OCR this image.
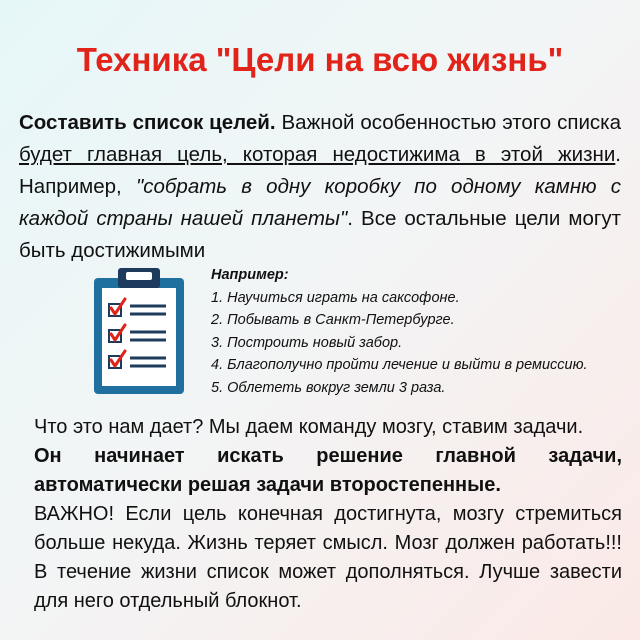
Техника "Цели на всю жизнь"
Составить список целей. Важной особенностью этого списка будет главная цель, которая недостижима в этой жизни. Например, "собрать в одну коробку по одному камню с каждой страны нашей планеты". Все остальные цели могут быть достижимыми
Например:
1. Научиться играть на саксофоне.
2. Побывать в Санкт-Петербурге.
3. Построить новый забор.
4. Благополучно пройти лечение и выйти в ремиссию.
5. Облететь вокруг земли 3 раза.
Что это нам дает? Мы даем команду мозгу, ставим задачи.
Он начинает искать решение главной задачи, автоматически решая задачи второстепенные.
ВАЖНО! Если цель конечная достигнута, мозгу стремиться больше некуда. Жизнь теряет смысл. Мозг должен работать!!! В течение жизни список может дополняться. Лучше завести для него отдельный блокнот.
